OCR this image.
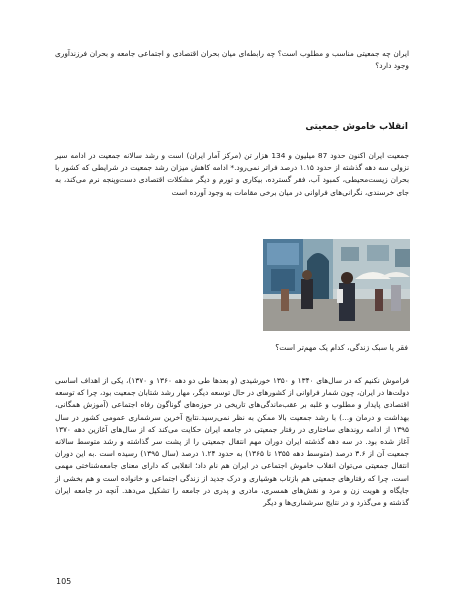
ایران چه جمعیتی مناسب و مطلوب است؟ چه رابطه‌ای میان بحران اقتصادی و اجتماعی جامعه و بحران فرزندآوری وجود دارد؟

انقلاب خاموش جمعیتی

جمعیت ایران اکنون حدود 87 میلیون و 134 هزار تن (مرکز آمار ایران) است و رشد سالانه جمعیت در ادامه سیر نزولی سه دهه گذشته از حدود ۱.۱۵ درصد فراتر نمی‌رود.* ادامه کاهش میزان رشد جمعیت در شرایطی که کشور با بحران زیست‌محیطی، کمبود آب، فقر گسترده، بیکاری و تورم و دیگر مشکلات اقتصادی دست‌وپنجه نرم می‌کند، به جای خرسندی، نگرانی‌های فراوانی در میان برخی مقامات به وجود آورده است

فقر یا سبک زندگی، کدام یک مهم‌تر است؟

فراموش نکنیم که در سال‌های ۱۳۴۰ و ۱۳۵۰ خورشیدی (و بعدها طی دو دهه ۱۳۶۰ و ۱۳۷۰)، یکی از اهداف اساسی دولت‌ها در ایران، چون شمار فراوانی از کشورهای در حال توسعه دیگر، مهار رشد شتابان جمعیت بود، چرا که توسعه اقتصادی پایدار و مطلوب و غلبه بر عقب‌ماندگی‌های تاریخی در حوزه‌های گوناگون رفاه اجتماعی (آموزش همگانی، بهداشت و درمان و...) با رشد جمعیت بالا ممکن به نظر نمی‌رسید.نتایج آخرین سرشماری عمومی کشور در سال ۱۳۹۵ از ادامه روندهای ساختاری در رفتار جمعیتی در جامعه ایران حکایت می‌کند که از سال‌های آغازین دهه ۱۳۷۰ آغاز شده بود. در سه دهه گذشته ایران دوران مهم انتقال جمعیتی را از پشت سر گذاشته و رشد متوسط سالانه جمعیت آن از ۳.۶ درصد (متوسط دهه ۱۳۵۵ تا ۱۳۶۵) به حدود ۱.۲۴ درصد (سال ۱۳۹۵) رسیده است .به این دوران انتقال جمعیتی می‌توان انقلاب خاموش اجتماعی در ایران هم نام داد؛ انقلابی که دارای معنای جامعه‌شناختی مهمی است، چرا که رفتارهای جمعیتی هم بازتاب هوشیاری و درک جدید از زندگی اجتماعی و خانواده است و هم بخشی از جایگاه و هویت زن و مرد و نقش‌های همسری، مادری و پدری در جامعه را تشکیل می‌دهد. آنچه در جامعه ایران گذشته و می‌گذرد و در نتایج سرشماری‌ها و دیگر

105
